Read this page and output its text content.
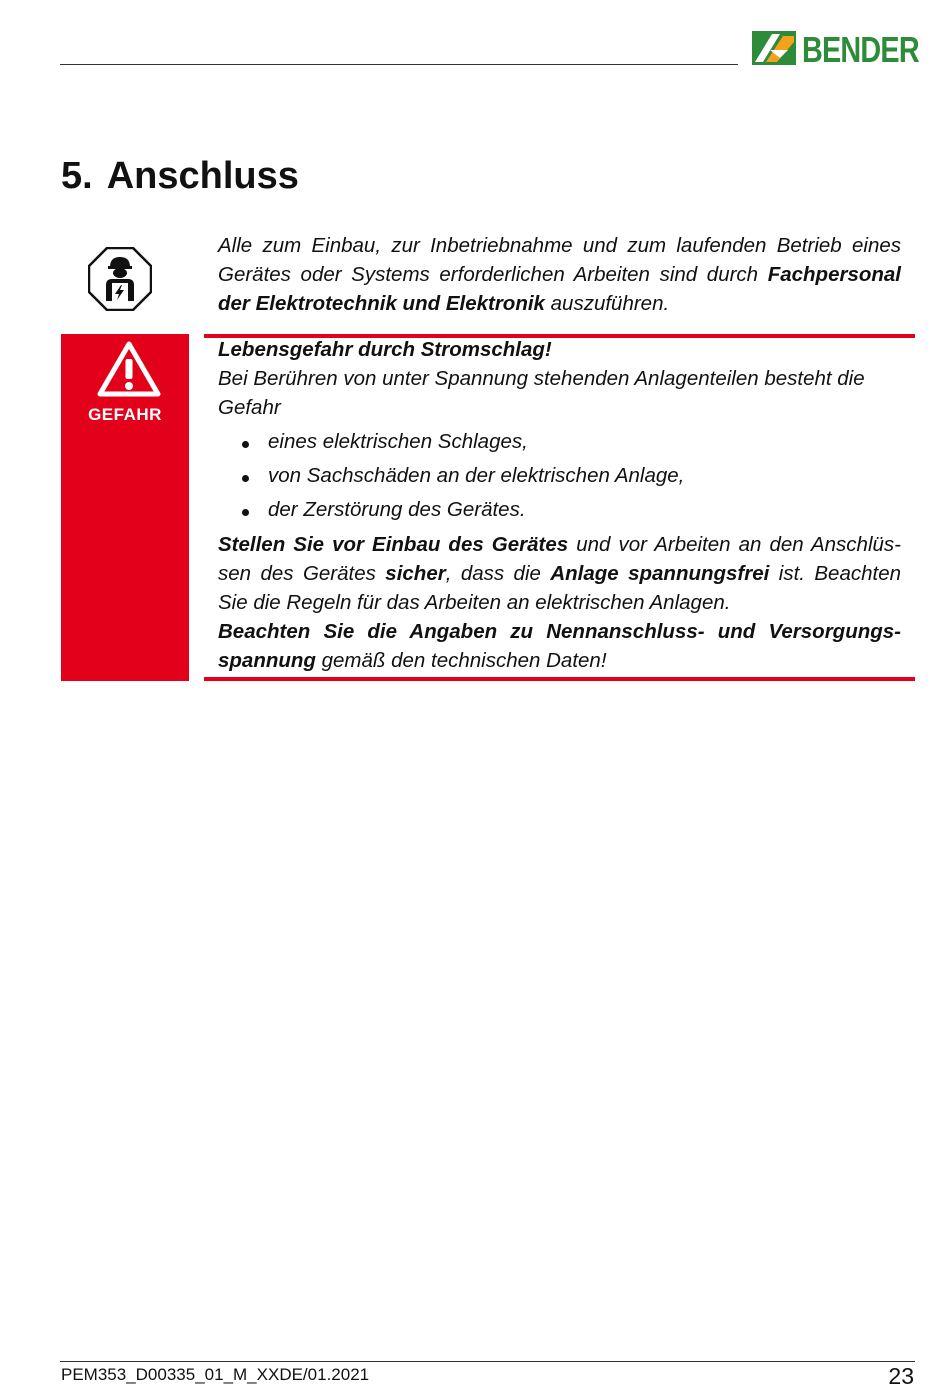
BENDER
5. Anschluss
Alle zum Einbau, zur Inbetriebnahme und zum laufenden Betrieb eines Gerätes oder Systems erforderlichen Arbeiten sind durch Fachpersonal der Elektrotechnik und Elektronik auszuführen.
GEFAHR

Lebensgefahr durch Stromschlag!

Bei Berühren von unter Spannung stehenden Anlagenteilen besteht die Gefahr

eines elektrischen Schlages,
von Sachschäden an der elektrischen Anlage,
der Zerstörung des Gerätes.

Stellen Sie vor Einbau des Gerätes und vor Arbeiten an den Anschlüssen des Gerätes sicher, dass die Anlage spannungsfrei ist. Beachten Sie die Regeln für das Arbeiten an elektrischen Anlagen.

Beachten Sie die Angaben zu Nennanschluss- und Versorgungsspannung gemäß den technischen Daten!

PEM353_D00335_01_M_XXDE/01.2021	23
